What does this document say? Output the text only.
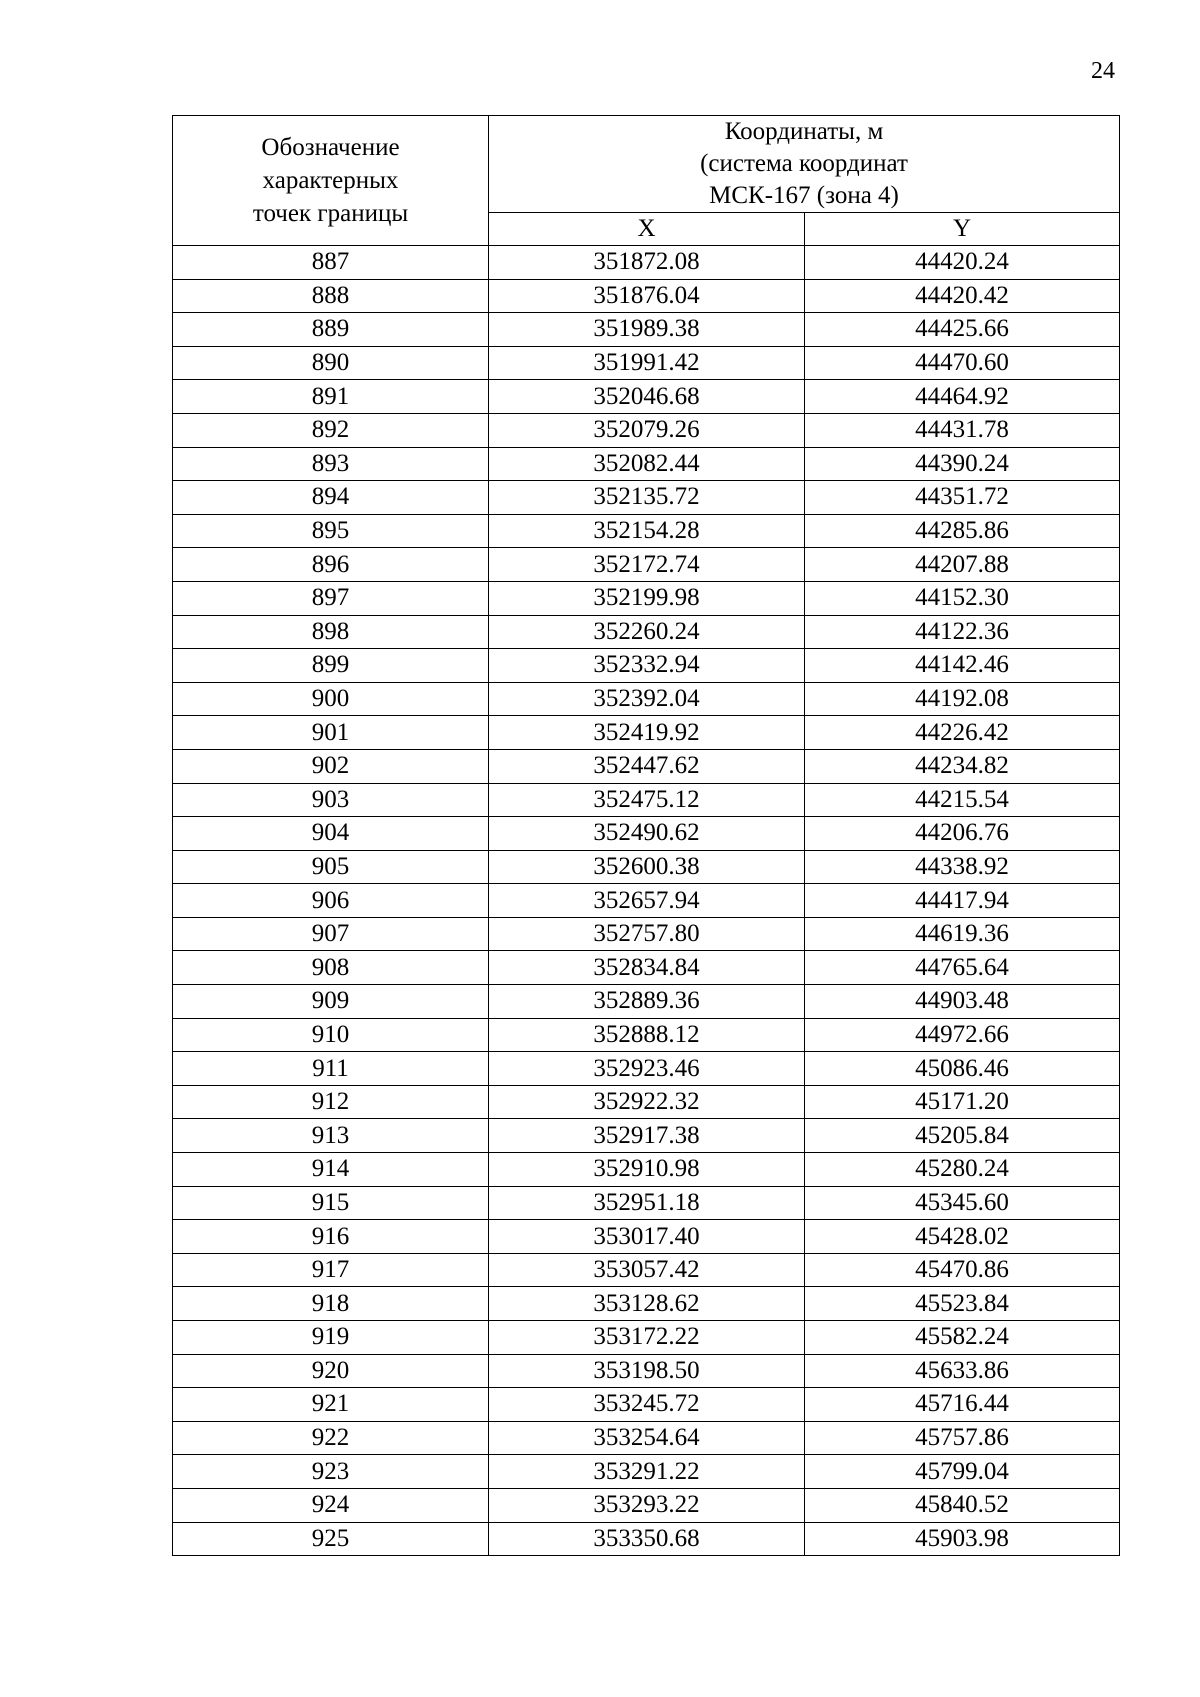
24
Обозначение
характерных
точек границы	Координаты, м
(система координат
МСК-167 (зона 4)	

	X	Y
887	351872.08	44420.24
888	351876.04	44420.42
889	351989.38	44425.66
890	351991.42	44470.60
891	352046.68	44464.92
892	352079.26	44431.78
893	352082.44	44390.24
894	352135.72	44351.72
895	352154.28	44285.86
896	352172.74	44207.88
897	352199.98	44152.30
898	352260.24	44122.36
899	352332.94	44142.46
900	352392.04	44192.08
901	352419.92	44226.42
902	352447.62	44234.82
903	352475.12	44215.54
904	352490.62	44206.76
905	352600.38	44338.92
906	352657.94	44417.94
907	352757.80	44619.36
908	352834.84	44765.64
909	352889.36	44903.48
910	352888.12	44972.66
911	352923.46	45086.46
912	352922.32	45171.20
913	352917.38	45205.84
914	352910.98	45280.24
915	352951.18	45345.60
916	353017.40	45428.02
917	353057.42	45470.86
918	353128.62	45523.84
919	353172.22	45582.24
920	353198.50	45633.86
921	353245.72	45716.44
922	353254.64	45757.86
923	353291.22	45799.04
924	353293.22	45840.52
925	353350.68	45903.98
